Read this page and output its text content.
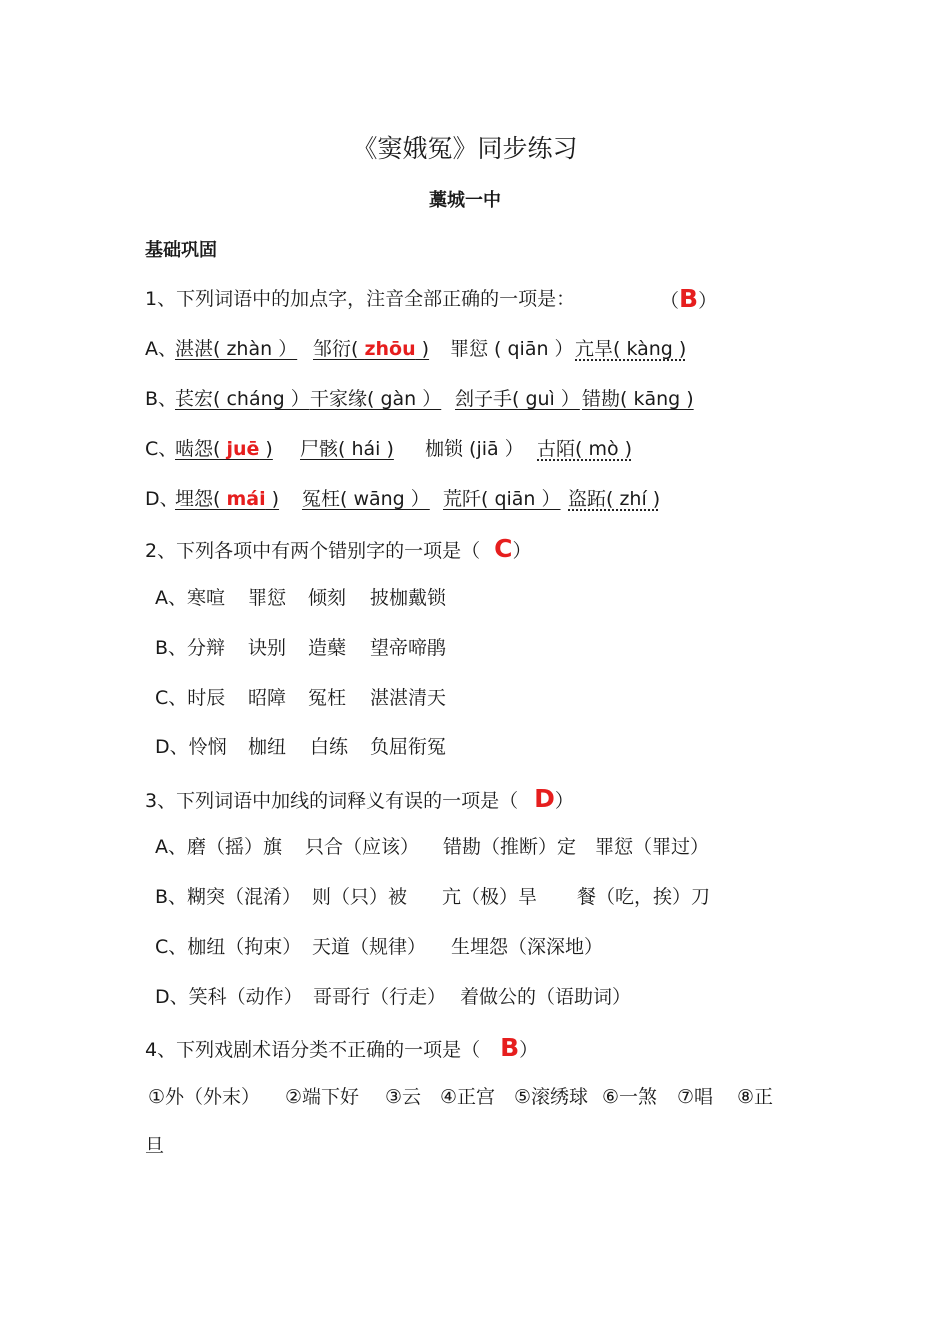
《窦娥冤》同步练习
藁城一中
基础巩固
1、下列词语中的加点字，注音全部正确的一项是：	（B）
A、
湛湛( zhàn ） 邹衍( zhōu ) 罪愆 ( qiān ） 亢旱( kàng )
B、
苌宏( cháng ） 干家缘( gàn ） 刽子手( guì ） 错勘( kāng )
C、
啮怨( juē ) 尸骸( hái ) 枷锁 (jiā ） 古陌( mò )
D、
埋怨( mái ) 冤枉( wāng ） 荒阡( qiān ） 盗跖( zhí )
2、下列各项中有两个错别字的一项是（ C）
A、寒喧 罪愆 倾刻 披枷戴锁
B、分辩 诀别 造蘖 望帝啼鹃
C、时辰 昭障 冤枉 湛湛清天
D、怜悯 枷纽 白练 负屈衔冤
3、下列词语中加线的词释义有误的一项是（ D）
A、磨（摇）旗 只合（应该） 错勘（推断）定 罪愆（罪过）
B、糊突（混淆） 则（只）被 亢（极）旱 餐（吃，挨）刀
C、枷纽（拘束） 天道（规律） 生埋怨（深深地）
D、笑科（动作） 哥哥行（行走） 着做公的（语助词）
4、下列戏剧术语分类不正确的一项是（ B）
①外（外末） ②端下好 ③云 ④正宫 ⑤滚绣球 ⑥一煞 ⑦唱 ⑧正
旦
